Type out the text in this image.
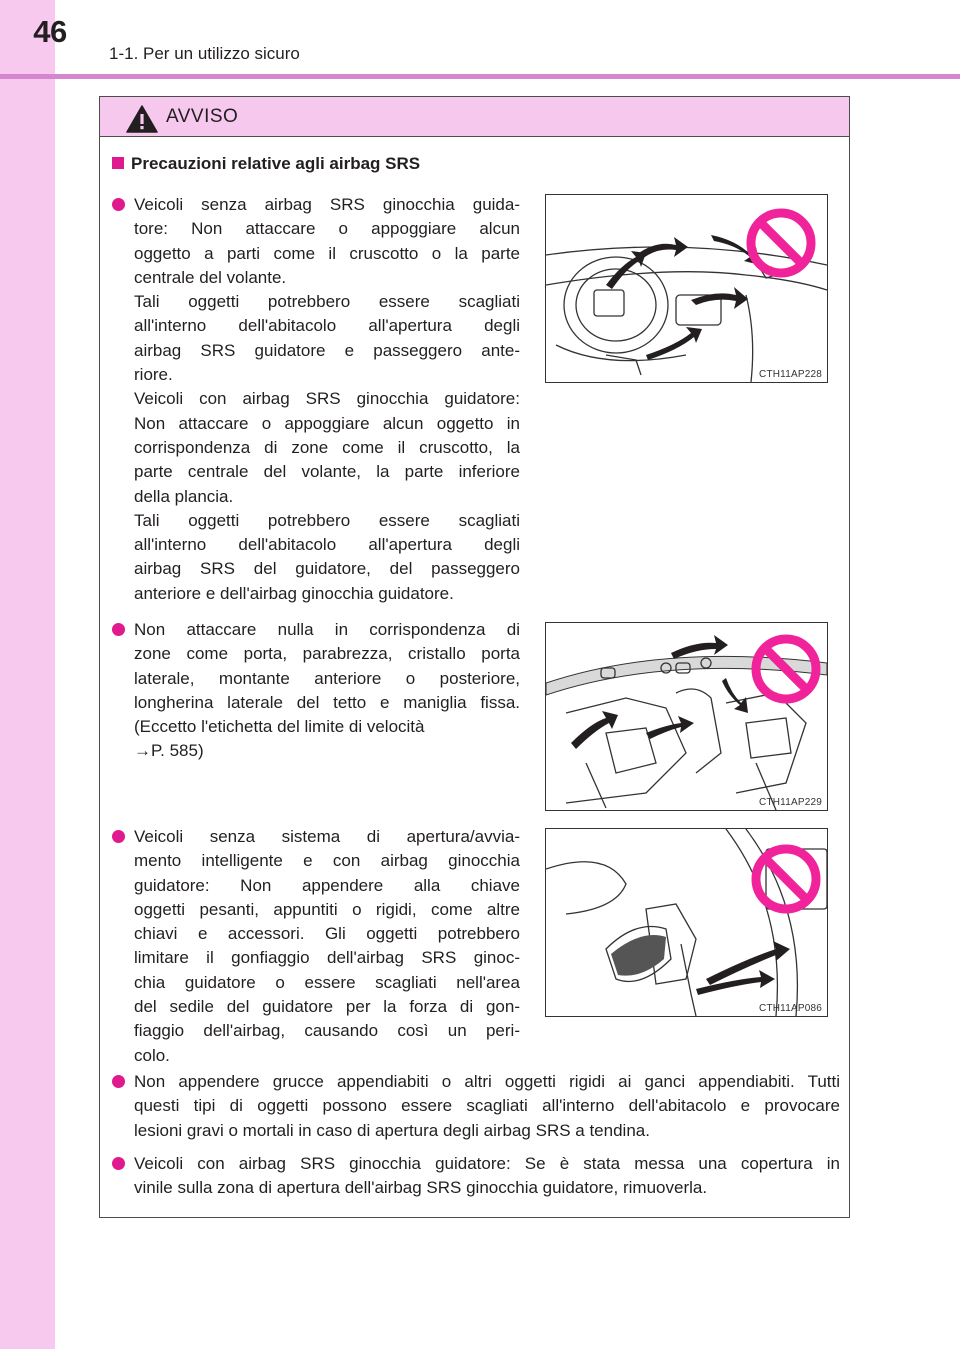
46
1-1. Per un utilizzo sicuro
AVVISO
Precauzioni relative agli airbag SRS
Veicoli senza airbag SRS ginocchia guida-
tore: Non attaccare o appoggiare alcun
oggetto a parti come il cruscotto o la parte
centrale del volante.
Tali oggetti potrebbero essere scagliati
all'interno dell'abitacolo all'apertura degli
airbag SRS guidatore e passeggero ante-
riore.
Veicoli con airbag SRS ginocchia guidatore:
Non attaccare o appoggiare alcun oggetto in
corrispondenza di zone come il cruscotto, la
parte centrale del volante, la parte inferiore
della plancia.
Tali oggetti potrebbero essere scagliati
all'interno dell'abitacolo all'apertura degli
airbag SRS del guidatore, del passeggero
anteriore e dell'airbag ginocchia guidatore.
CTH11AP228
Non attaccare nulla in corrispondenza di
zone come porta, parabrezza, cristallo porta
laterale, montante anteriore o posteriore,
longherina laterale del tetto e maniglia fissa.
(Eccetto l'etichetta del limite di velocità
→P. 585)
CTH11AP229
Veicoli senza sistema di apertura/avvia-
mento intelligente e con airbag ginocchia
guidatore: Non appendere alla chiave
oggetti pesanti, appuntiti o rigidi, come altre
chiavi e accessori. Gli oggetti potrebbero
limitare il gonfiaggio dell'airbag SRS ginoc-
chia guidatore o essere scagliati nell'area
del sedile del guidatore per la forza di gon-
fiaggio dell'airbag, causando così un peri-
colo.
CTH11AP086
Non appendere grucce appendiabiti o altri oggetti rigidi ai ganci appendiabiti. Tutti
questi tipi di oggetti possono essere scagliati all'interno dell'abitacolo e provocare
lesioni gravi o mortali in caso di apertura degli airbag SRS a tendina.
Veicoli con airbag SRS ginocchia guidatore: Se è stata messa una copertura in
vinile sulla zona di apertura dell'airbag SRS ginocchia guidatore, rimuoverla.
